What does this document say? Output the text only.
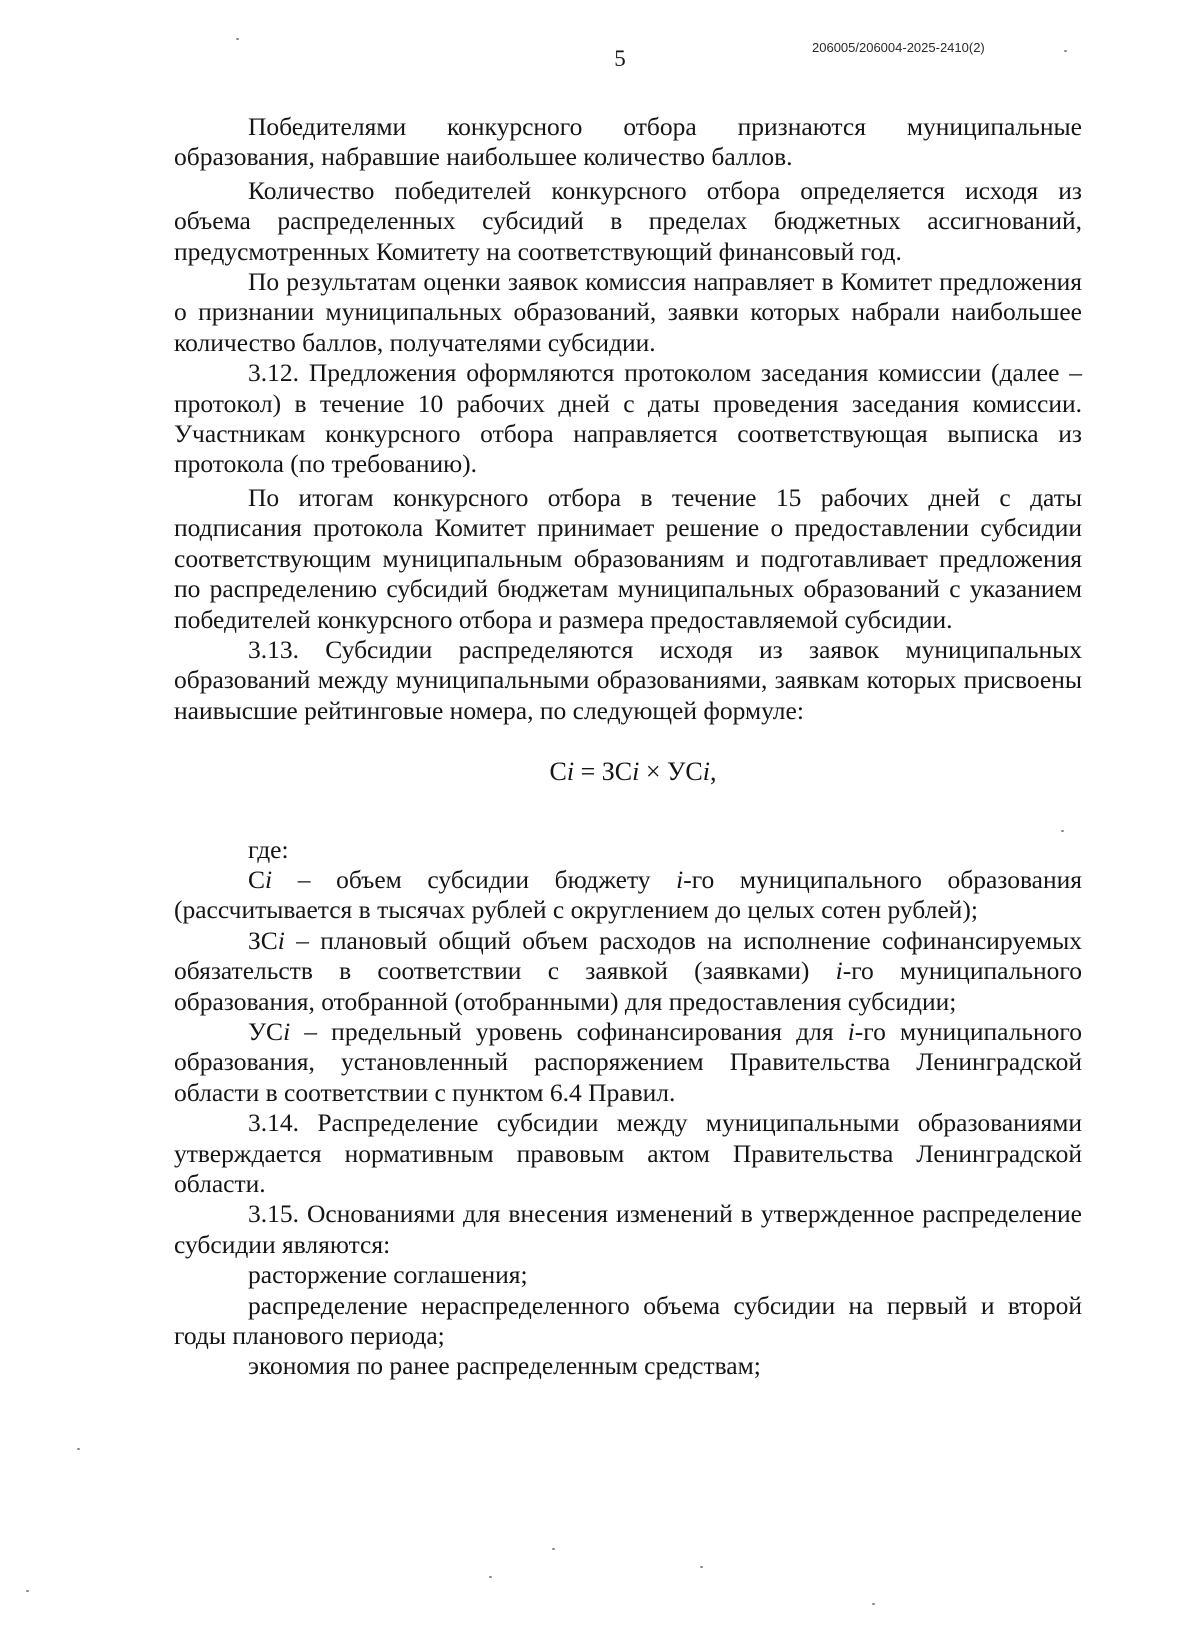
5	206005/206004-2025-2410(2)

Победителями конкурсного отбора признаются муниципальные образования, набравшие наибольшее количество баллов.

Количество победителей конкурсного отбора определяется исходя из объема распределенных субсидий в пределах бюджетных ассигнований, предусмотренных Комитету на соответствующий финансовый год.

По результатам оценки заявок комиссия направляет в Комитет предложения о признании муниципальных образований, заявки которых набрали наибольшее количество баллов, получателями субсидии.

3.12. Предложения оформляются протоколом заседания комиссии (далее – протокол) в течение 10 рабочих дней с даты проведения заседания комиссии. Участникам конкурсного отбора направляется соответствующая выписка из протокола (по требованию).

По итогам конкурсного отбора в течение 15 рабочих дней с даты подписания протокола Комитет принимает решение о предоставлении субсидии соответствующим муниципальным образованиям и подготавливает предложения по распределению субсидий бюджетам муниципальных образований с указанием победителей конкурсного отбора и размера предоставляемой субсидии.

3.13. Субсидии распределяются исходя из заявок муниципальных образований между муниципальными образованиями, заявкам которых присвоены наивысшие рейтинговые номера, по следующей формуле:

Сi = ЗСi × УСi,

где:

Сi – объем субсидии бюджету i-го муниципального образования (рассчитывается в тысячах рублей с округлением до целых сотен рублей);

ЗСi – плановый общий объем расходов на исполнение софинансируемых обязательств в соответствии с заявкой (заявками) i-го муниципального образования, отобранной (отобранными) для предоставления субсидии;

УСi – предельный уровень софинансирования для i-го муниципального образования, установленный распоряжением Правительства Ленинградской области в соответствии с пунктом 6.4 Правил.

3.14. Распределение субсидии между муниципальными образованиями утверждается нормативным правовым актом Правительства Ленинградской области.

3.15. Основаниями для внесения изменений в утвержденное распределение субсидии являются:

расторжение соглашения;

распределение нераспределенного объема субсидии на первый и второй годы планового периода;

экономия по ранее распределенным средствам;
